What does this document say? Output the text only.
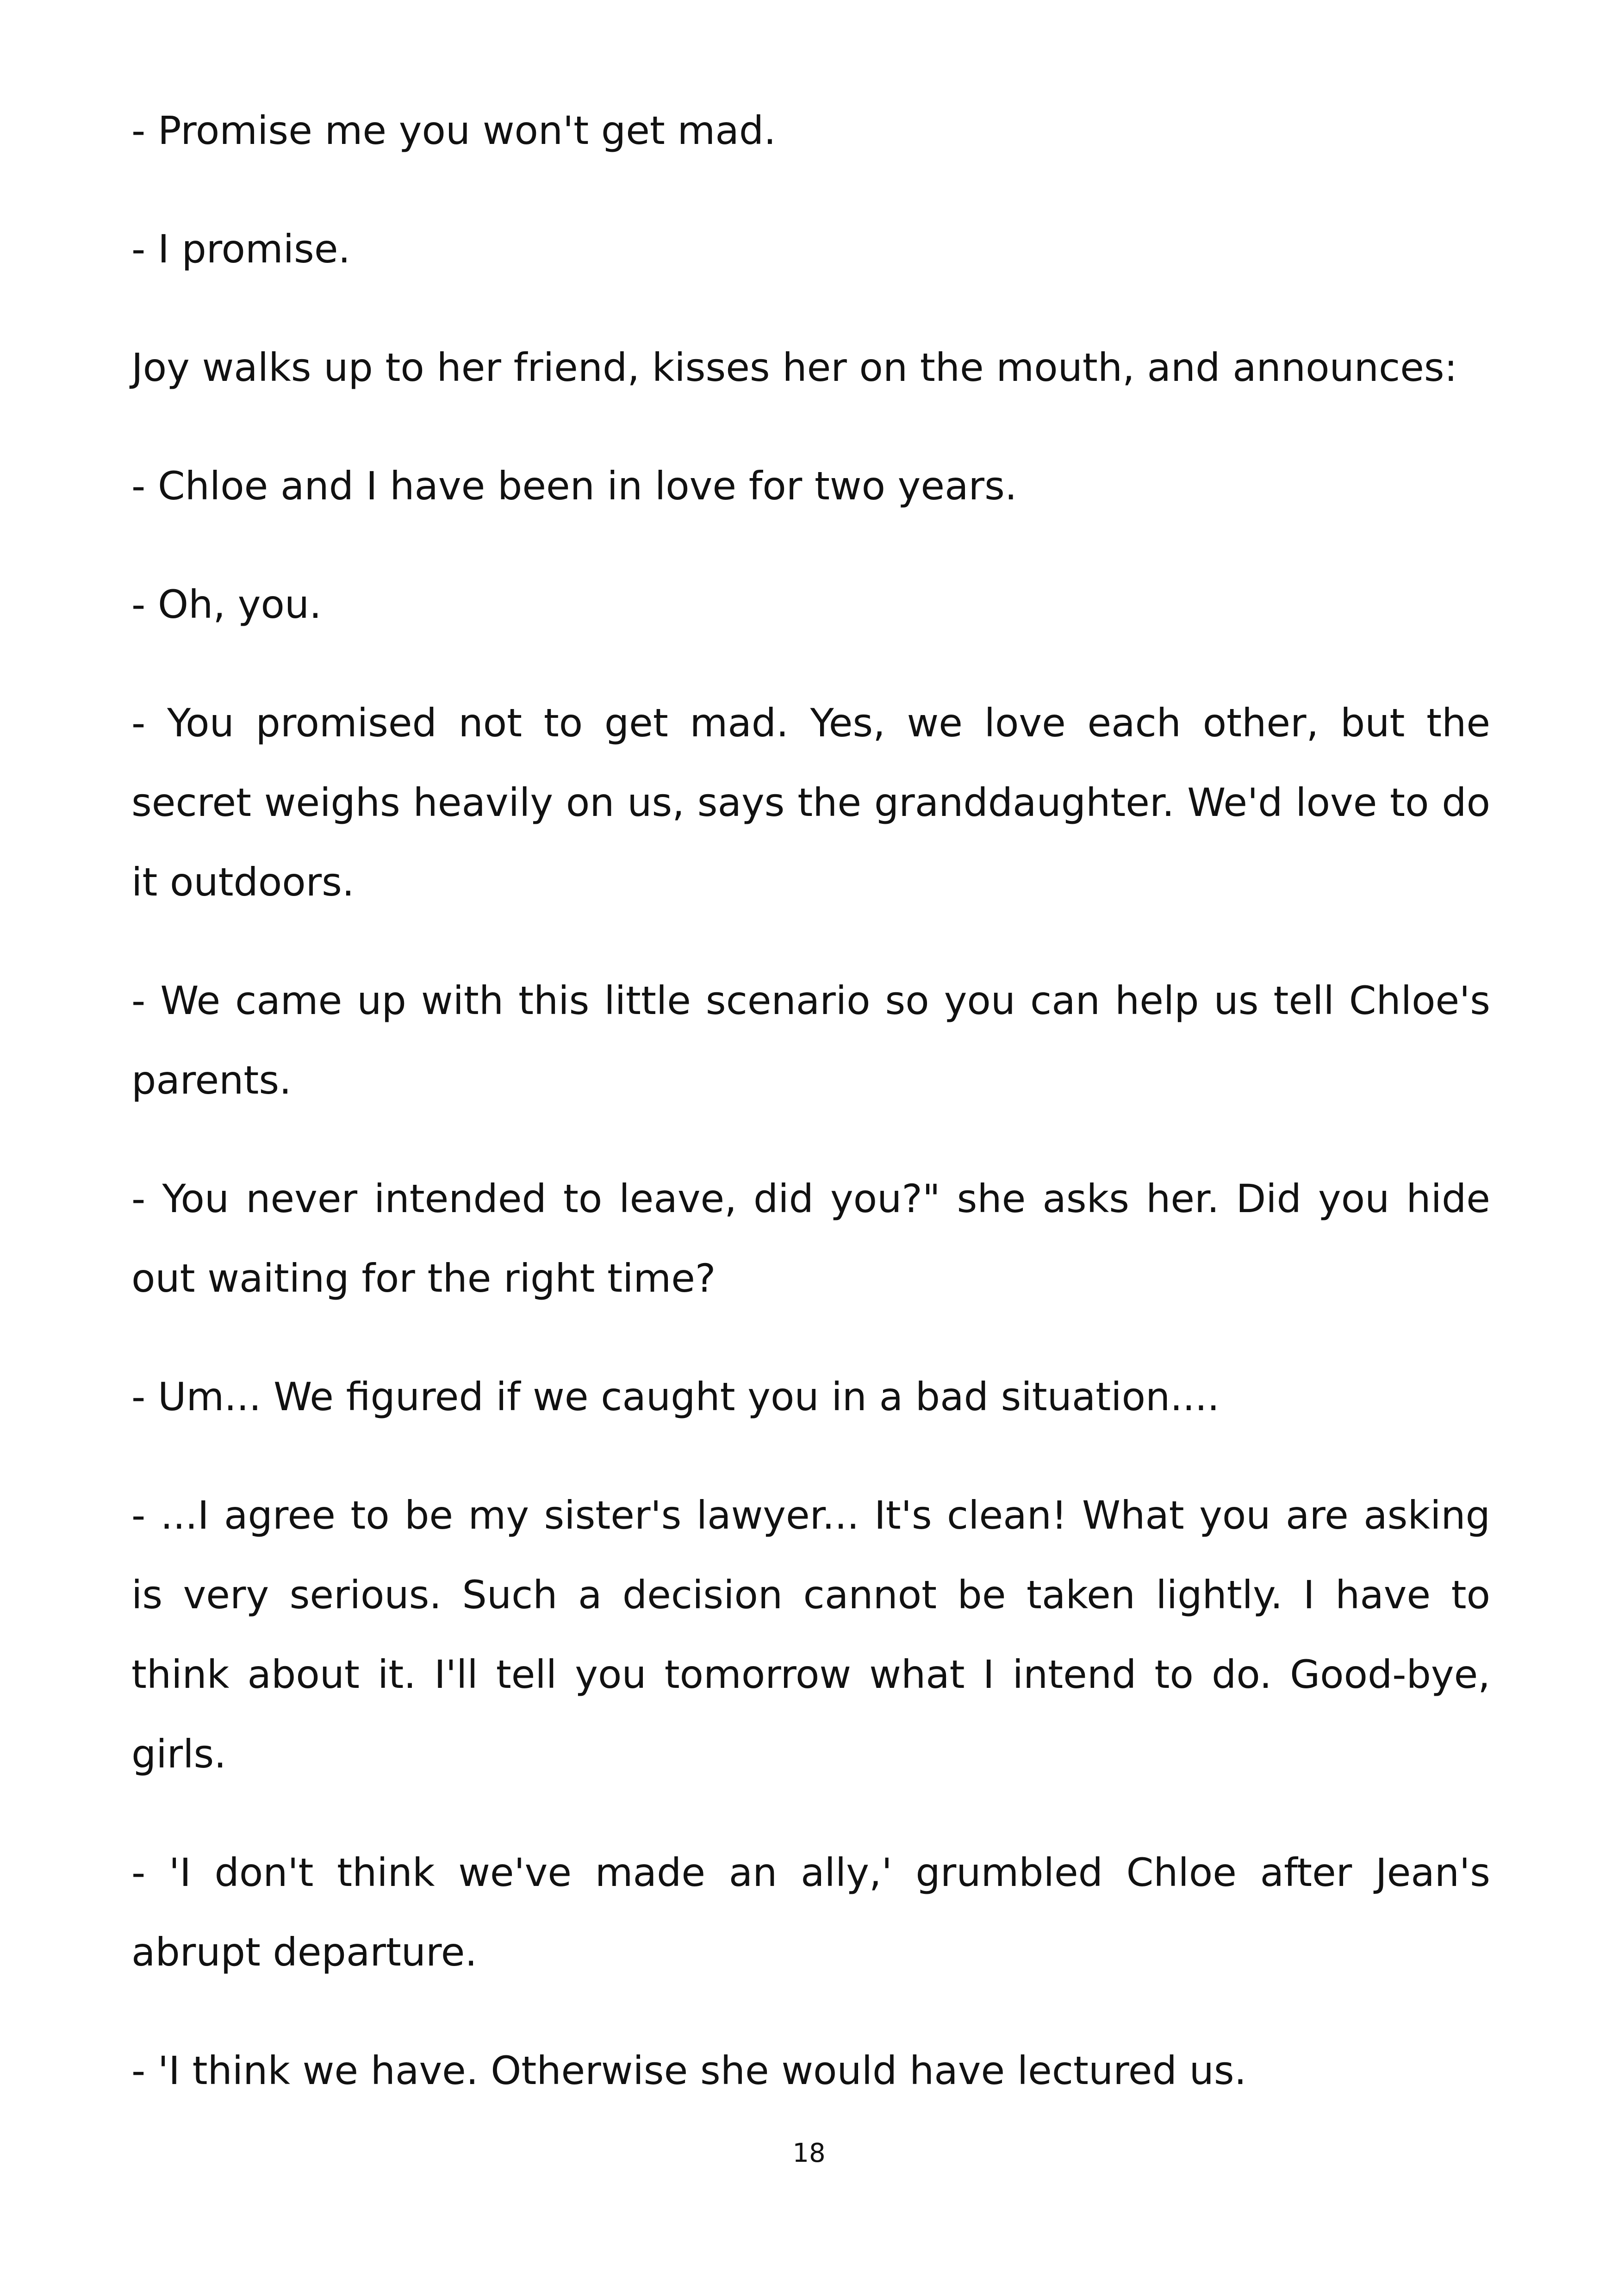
- Promise me you won't get mad.

- I promise.

Joy walks up to her friend, kisses her on the mouth, and announces:

- Chloe and I have been in love for two years.

- Oh, you.

- You promised not to get mad. Yes, we love each other, but the secret weighs heavily on us, says the granddaughter. We'd love to do it outdoors.

- We came up with this little scenario so you can help us tell Chloe's parents.

- You never intended to leave, did you?" she asks her. Did you hide out waiting for the right time?

- Um... We figured if we caught you in a bad situation....

- ...I agree to be my sister's lawyer... It's clean! What you are asking is very serious. Such a decision cannot be taken lightly. I have to think about it. I'll tell you tomorrow what I intend to do. Good-bye, girls.

- 'I don't think we've made an ally,' grumbled Chloe after Jean's abrupt departure.

- 'I think we have. Otherwise she would have lectured us.

18
